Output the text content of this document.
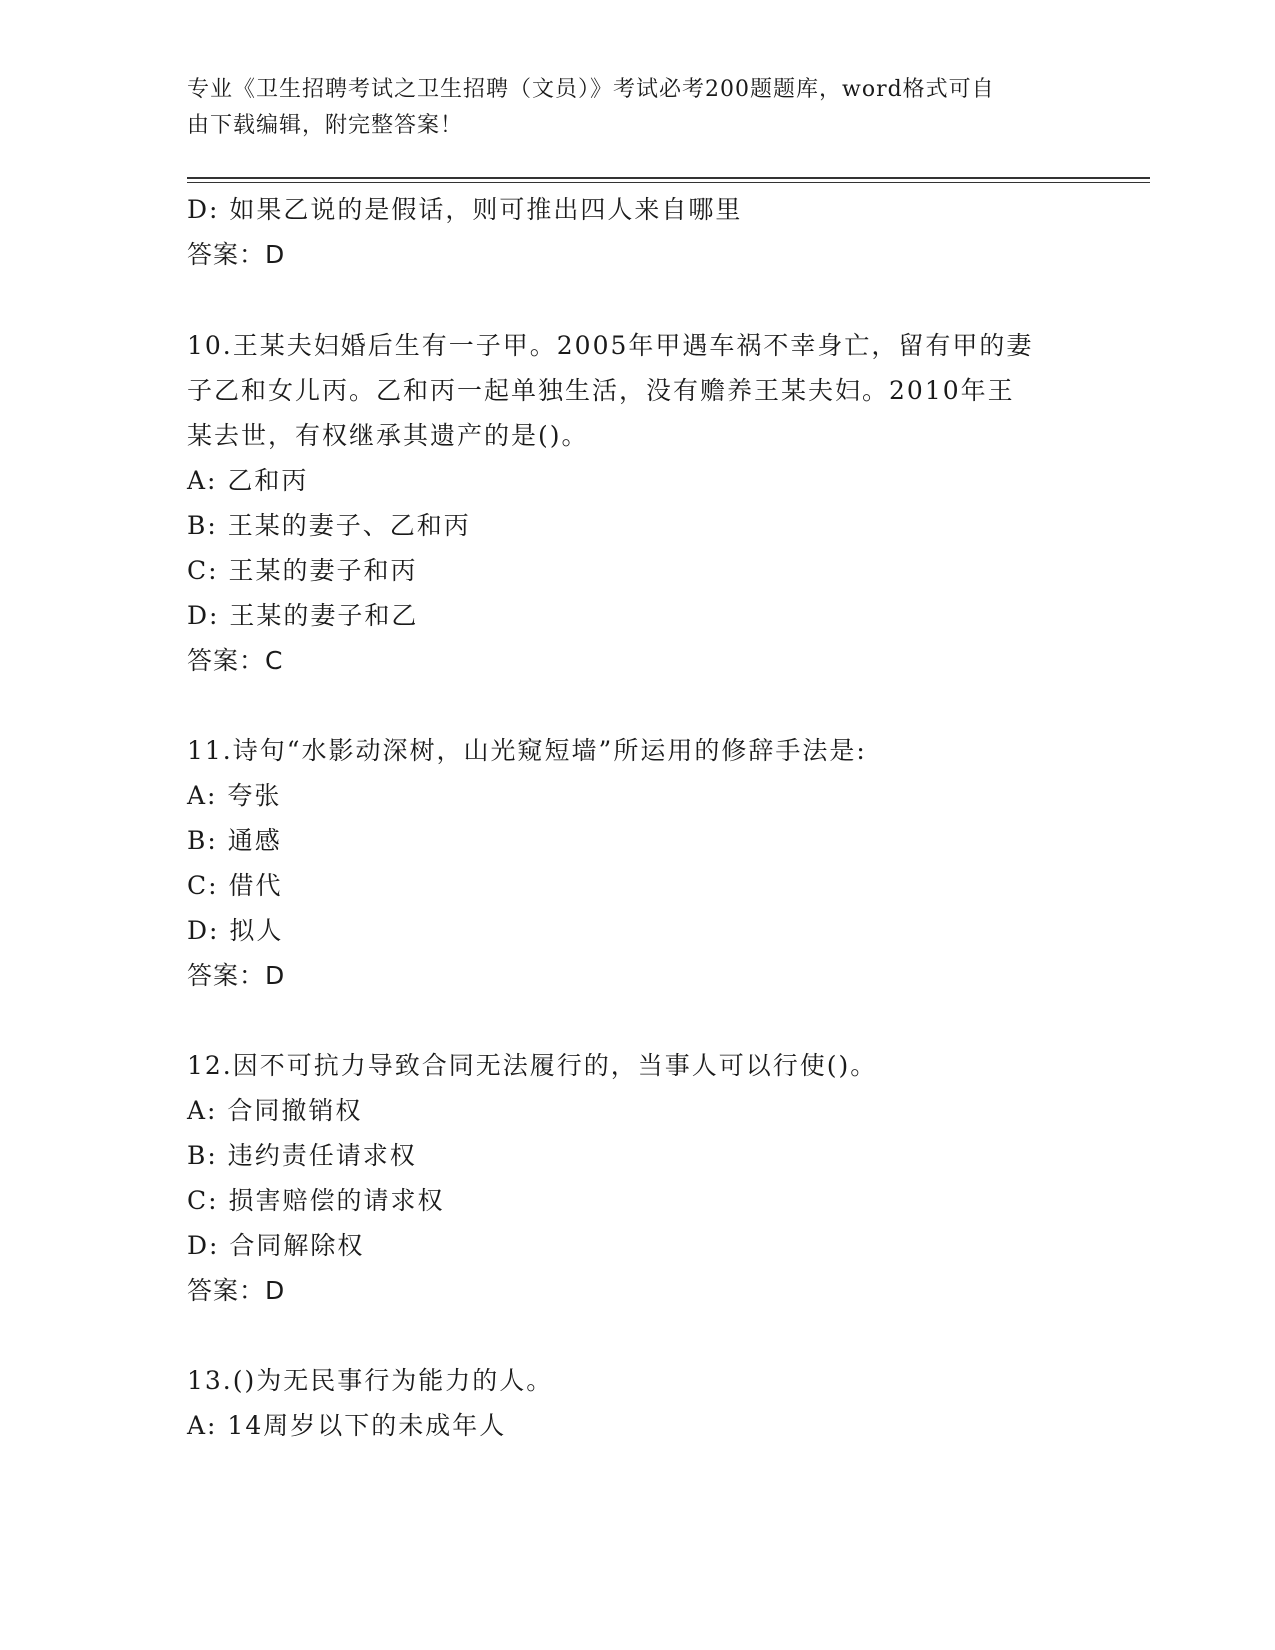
专业《卫生招聘考试之卫生招聘（文员）》考试必考200题题库，word格式可自
由下载编辑，附完整答案！
D: 如果乙说的是假话，则可推出四人来自哪里
答案：D
10.王某夫妇婚后生有一子甲。2005年甲遇车祸不幸身亡，留有甲的妻
子乙和女儿丙。乙和丙一起单独生活，没有赡养王某夫妇。2010年王
某去世，有权继承其遗产的是()。
A: 乙和丙
B: 王某的妻子、乙和丙
C: 王某的妻子和丙
D: 王某的妻子和乙
答案：C
11.诗句“水影动深树，山光窥短墙”所运用的修辞手法是:
A: 夸张
B: 通感
C: 借代
D: 拟人
答案：D
12.因不可抗力导致合同无法履行的，当事人可以行使()。
A: 合同撤销权
B: 违约责任请求权
C: 损害赔偿的请求权
D: 合同解除权
答案：D
13.()为无民事行为能力的人。
A: 14周岁以下的未成年人
